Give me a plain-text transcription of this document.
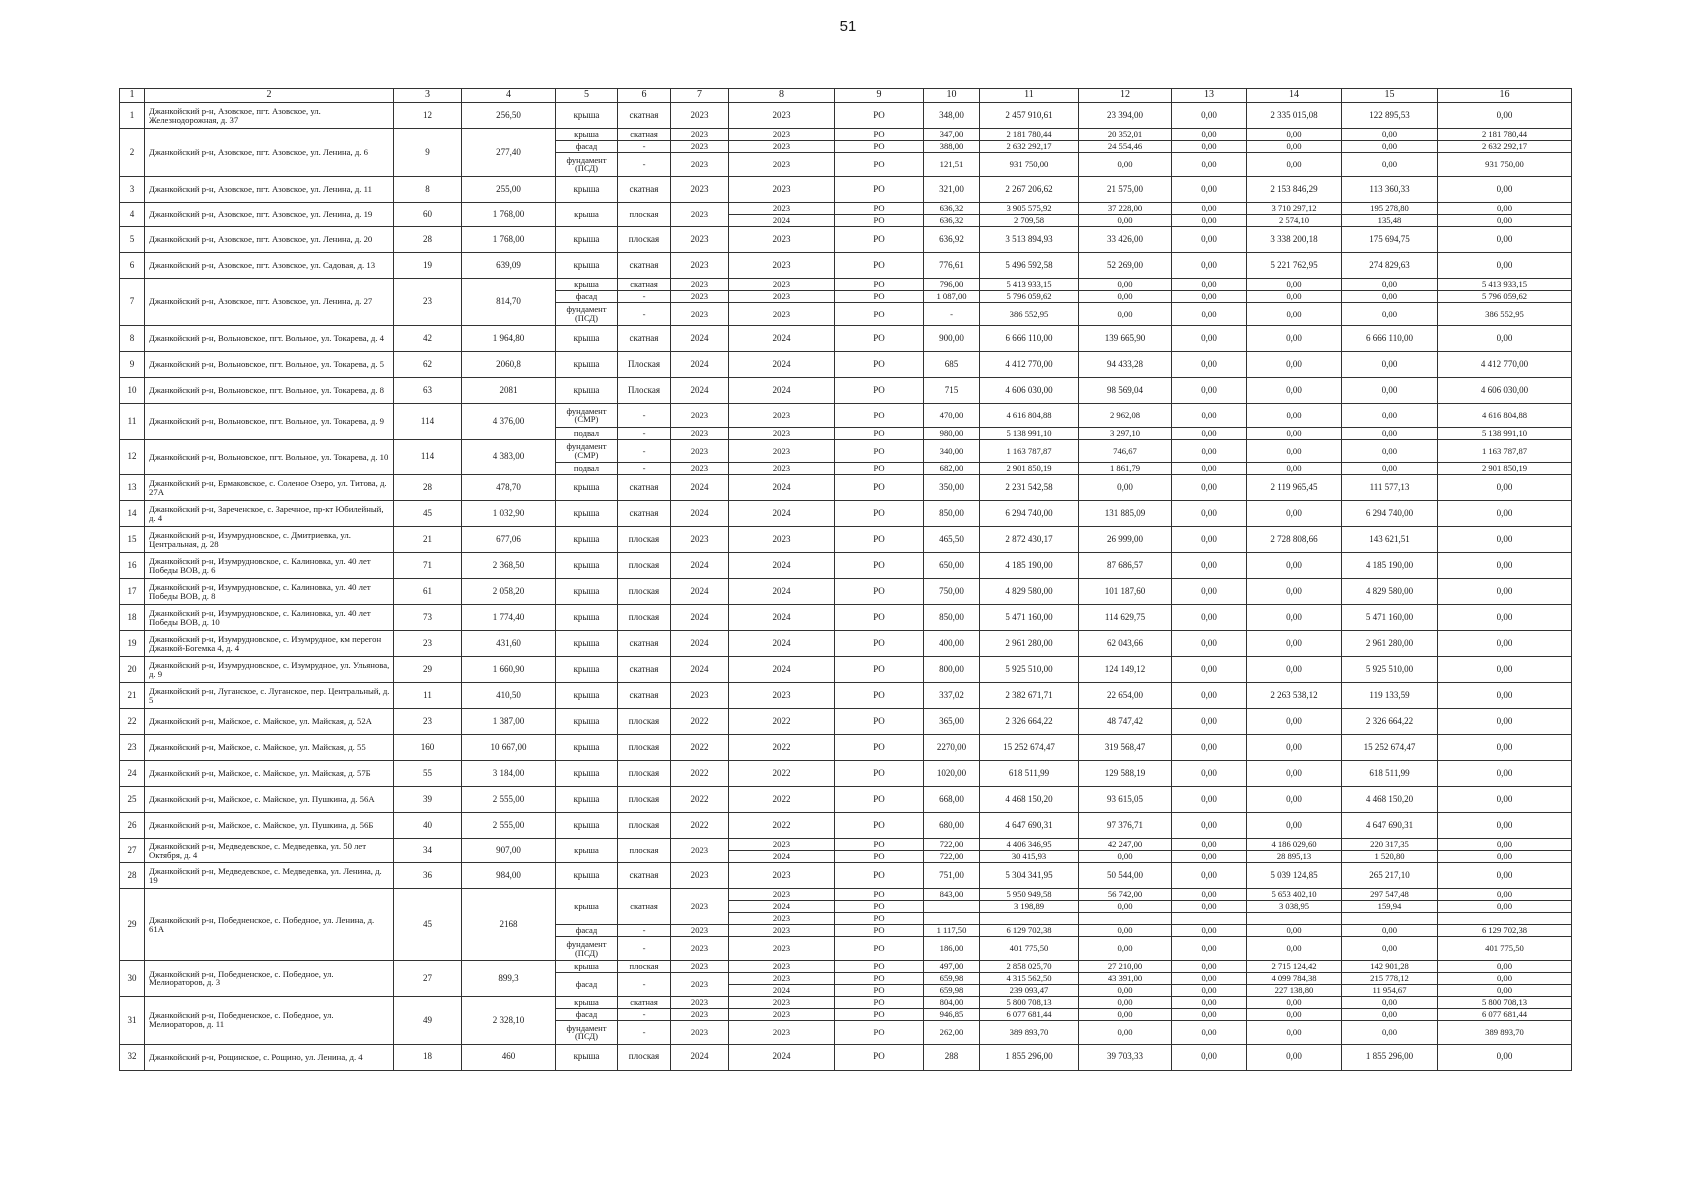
51
1	2	3	4	5	6	7	8	9	10	11	12	13	14	15	16
1	Джанкойский р-н, Азовское, пгт. Азовское, ул. Железнодорожная, д. 37	12	256,50	крыша	скатная	2023	2023	РО	348,00	2 457 910,61	23 394,00	0,00	2 335 015,08	122 895,53	0,00
2	Джанкойский р-н, Азовское, пгт. Азовское, ул. Ленина, д. 6	9	277,40	крыша	скатная	2023	2023	РО	347,00	2 181 780,44	20 352,01	0,00	0,00	0,00	2 181 780,44
				фасад	-	2023	2023	РО	388,00	2 632 292,17	24 554,46	0,00	0,00	0,00	2 632 292,17
				фундамент (ПСД)	-	2023	2023	РО	121,51	931 750,00	0,00	0,00	0,00	0,00	931 750,00
3	Джанкойский р-н, Азовское, пгт. Азовское, ул. Ленина, д. 11	8	255,00	крыша	скатная	2023	2023	РО	321,00	2 267 206,62	21 575,00	0,00	2 153 846,29	113 360,33	0,00
4	Джанкойский р-н, Азовское, пгт. Азовское, ул. Ленина, д. 19	60	1 768,00	крыша	плоская	2023	2023	РО	636,32	3 905 575,92	37 228,00	0,00	3 710 297,12	195 278,80	0,00
							2024	РО	636,32	2 709,58	0,00	0,00	2 574,10	135,48	0,00
5	Джанкойский р-н, Азовское, пгт. Азовское, ул. Ленина, д. 20	28	1 768,00	крыша	плоская	2023	2023	РО	636,92	3 513 894,93	33 426,00	0,00	3 338 200,18	175 694,75	0,00
6	Джанкойский р-н, Азовское, пгт. Азовское, ул. Садовая, д. 13	19	639,09	крыша	скатная	2023	2023	РО	776,61	5 496 592,58	52 269,00	0,00	5 221 762,95	274 829,63	0,00
7	Джанкойский р-н, Азовское, пгт. Азовское, ул. Ленина, д. 27	23	814,70	крыша	скатная	2023	2023	РО	796,00	5 413 933,15	0,00	0,00	0,00	0,00	5 413 933,15
				фасад	-	2023	2023	РО	1 087,00	5 796 059,62	0,00	0,00	0,00	0,00	5 796 059,62
				фундамент (ПСД)	-	2023	2023	РО	-	386 552,95	0,00	0,00	0,00	0,00	386 552,95
8	Джанкойский р-н, Вольновское, пгт. Вольное, ул. Токарева, д. 4	42	1 964,80	крыша	скатная	2024	2024	РО	900,00	6 666 110,00	139 665,90	0,00	0,00	6 666 110,00	0,00
9	Джанкойский р-н, Вольновское, пгт. Вольное, ул. Токарева, д. 5	62	2060,8	крыша	Плоская	2024	2024	РО	685	4 412 770,00	94 433,28	0,00	0,00	0,00	4 412 770,00
10	Джанкойский р-н, Вольновское, пгт. Вольное, ул. Токарева, д. 8	63	2081	крыша	Плоская	2024	2024	РО	715	4 606 030,00	98 569,04	0,00	0,00	0,00	4 606 030,00
11	Джанкойский р-н, Вольновское, пгт. Вольное, ул. Токарева, д. 9	114	4 376,00	фундамент (СМР)	-	2023	2023	РО	470,00	4 616 804,88	2 962,08	0,00	0,00	0,00	4 616 804,88
				подвал	-	2023	2023	РО	980,00	5 138 991,10	3 297,10	0,00	0,00	0,00	5 138 991,10
12	Джанкойский р-н, Вольновское, пгт. Вольное, ул. Токарева, д. 10	114	4 383,00	фундамент (СМР)	-	2023	2023	РО	340,00	1 163 787,87	746,67	0,00	0,00	0,00	1 163 787,87
				подвал	-	2023	2023	РО	682,00	2 901 850,19	1 861,79	0,00	0,00	0,00	2 901 850,19
13	Джанкойский р-н, Ермаковское, с. Соленое Озеро, ул. Титова, д. 27А	28	478,70	крыша	скатная	2024	2024	РО	350,00	2 231 542,58	0,00	0,00	2 119 965,45	111 577,13	0,00
14	Джанкойский р-н, Зареченское, с. Заречное, пр-кт Юбилейный, д. 4	45	1 032,90	крыша	скатная	2024	2024	РО	850,00	6 294 740,00	131 885,09	0,00	0,00	6 294 740,00	0,00
15	Джанкойский р-н, Изумрудновское, с. Дмитриевка, ул. Центральная, д. 28	21	677,06	крыша	плоская	2023	2023	РО	465,50	2 872 430,17	26 999,00	0,00	2 728 808,66	143 621,51	0,00
16	Джанкойский р-н, Изумрудновское, с. Калиновка, ул. 40 лет Победы ВОВ, д. 6	71	2 368,50	крыша	плоская	2024	2024	РО	650,00	4 185 190,00	87 686,57	0,00	0,00	4 185 190,00	0,00
17	Джанкойский р-н, Изумрудновское, с. Калиновка, ул. 40 лет Победы ВОВ, д. 8	61	2 058,20	крыша	плоская	2024	2024	РО	750,00	4 829 580,00	101 187,60	0,00	0,00	4 829 580,00	0,00
18	Джанкойский р-н, Изумрудновское, с. Калиновка, ул. 40 лет Победы ВОВ, д. 10	73	1 774,40	крыша	плоская	2024	2024	РО	850,00	5 471 160,00	114 629,75	0,00	0,00	5 471 160,00	0,00
19	Джанкойский р-н, Изумрудновское, с. Изумрудное, км перегон Джанкой-Богемка 4, д. 4	23	431,60	крыша	скатная	2024	2024	РО	400,00	2 961 280,00	62 043,66	0,00	0,00	2 961 280,00	0,00
20	Джанкойский р-н, Изумрудновское, с. Изумрудное, ул. Ульянова, д. 9	29	1 660,90	крыша	скатная	2024	2024	РО	800,00	5 925 510,00	124 149,12	0,00	0,00	5 925 510,00	0,00
21	Джанкойский р-н, Луганское, с. Луганское, пер. Центральный, д. 5	11	410,50	крыша	скатная	2023	2023	РО	337,02	2 382 671,71	22 654,00	0,00	2 263 538,12	119 133,59	0,00
22	Джанкойский р-н, Майское, с. Майское, ул. Майская, д. 52А	23	1 387,00	крыша	плоская	2022	2022	РО	365,00	2 326 664,22	48 747,42	0,00	0,00	2 326 664,22	0,00
23	Джанкойский р-н, Майское, с. Майское, ул. Майская, д. 55	160	10 667,00	крыша	плоская	2022	2022	РО	2270,00	15 252 674,47	319 568,47	0,00	0,00	15 252 674,47	0,00
24	Джанкойский р-н, Майское, с. Майское, ул. Майская, д. 57Б	55	3 184,00	крыша	плоская	2022	2022	РО	1020,00	618 511,99	129 588,19	0,00	0,00	618 511,99	0,00
25	Джанкойский р-н, Майское, с. Майское, ул. Пушкина, д. 56А	39	2 555,00	крыша	плоская	2022	2022	РО	668,00	4 468 150,20	93 615,05	0,00	0,00	4 468 150,20	0,00
26	Джанкойский р-н, Майское, с. Майское, ул. Пушкина, д. 56Б	40	2 555,00	крыша	плоская	2022	2022	РО	680,00	4 647 690,31	97 376,71	0,00	0,00	4 647 690,31	0,00
27	Джанкойский р-н, Медведевское, с. Медведевка, ул. 50 лет Октября, д. 4	34	907,00	крыша	плоская	2023	2023	РО	722,00	4 406 346,95	42 247,00	0,00	4 186 029,60	220 317,35	0,00
							2024	РО	722,00	30 415,93	0,00	0,00	28 895,13	1 520,80	0,00
28	Джанкойский р-н, Медведевское, с. Медведевка, ул. Ленина, д. 19	36	984,00	крыша	скатная	2023	2023	РО	751,00	5 304 341,95	50 544,00	0,00	5 039 124,85	265 217,10	0,00
29	Джанкойский р-н, Победненское, с. Победное, ул. Ленина, д. 61А	45	2168	крыша	скатная	2023	2023	РО	843,00	5 950 949,58	56 742,00	0,00	5 653 402,10	297 547,48	0,00
							2024	РО		3 198,89	0,00	0,00	3 038,95	159,94	0,00
							2023	РО							
				фасад	-	2023	2023	РО	1 117,50	6 129 702,38	0,00	0,00	0,00	0,00	6 129 702,38
				фундамент (ПСД)	-	2023	2023	РО	186,00	401 775,50	0,00	0,00	0,00	0,00	401 775,50
30	Джанкойский р-н, Победненское, с. Победное, ул. Мелиораторов, д. 3	27	899,3	крыша	плоская	2023	2023	РО	497,00	2 858 025,70	27 210,00	0,00	2 715 124,42	142 901,28	0,00
				фасад	-	2023	2023	РО	659,98	4 315 562,50	43 391,00	0,00	4 099 784,38	215 778,12	0,00
							2024	РО	659,98	239 093,47	0,00	0,00	227 138,80	11 954,67	0,00
31	Джанкойский р-н, Победненское, с. Победное, ул. Мелиораторов, д. 11	49	2 328,10	крыша	скатная	2023	2023	РО	804,00	5 800 708,13	0,00	0,00	0,00	0,00	5 800 708,13
				фасад	-	2023	2023	РО	946,85	6 077 681,44	0,00	0,00	0,00	0,00	6 077 681,44
				фундамент (ПСД)	-	2023	2023	РО	262,00	389 893,70	0,00	0,00	0,00	0,00	389 893,70
32	Джанкойский р-н, Рощинское, с. Рощино, ул. Ленина, д. 4	18	460	крыша	плоская	2024	2024	РО	288	1 855 296,00	39 703,33	0,00	0,00	1 855 296,00	0,00
